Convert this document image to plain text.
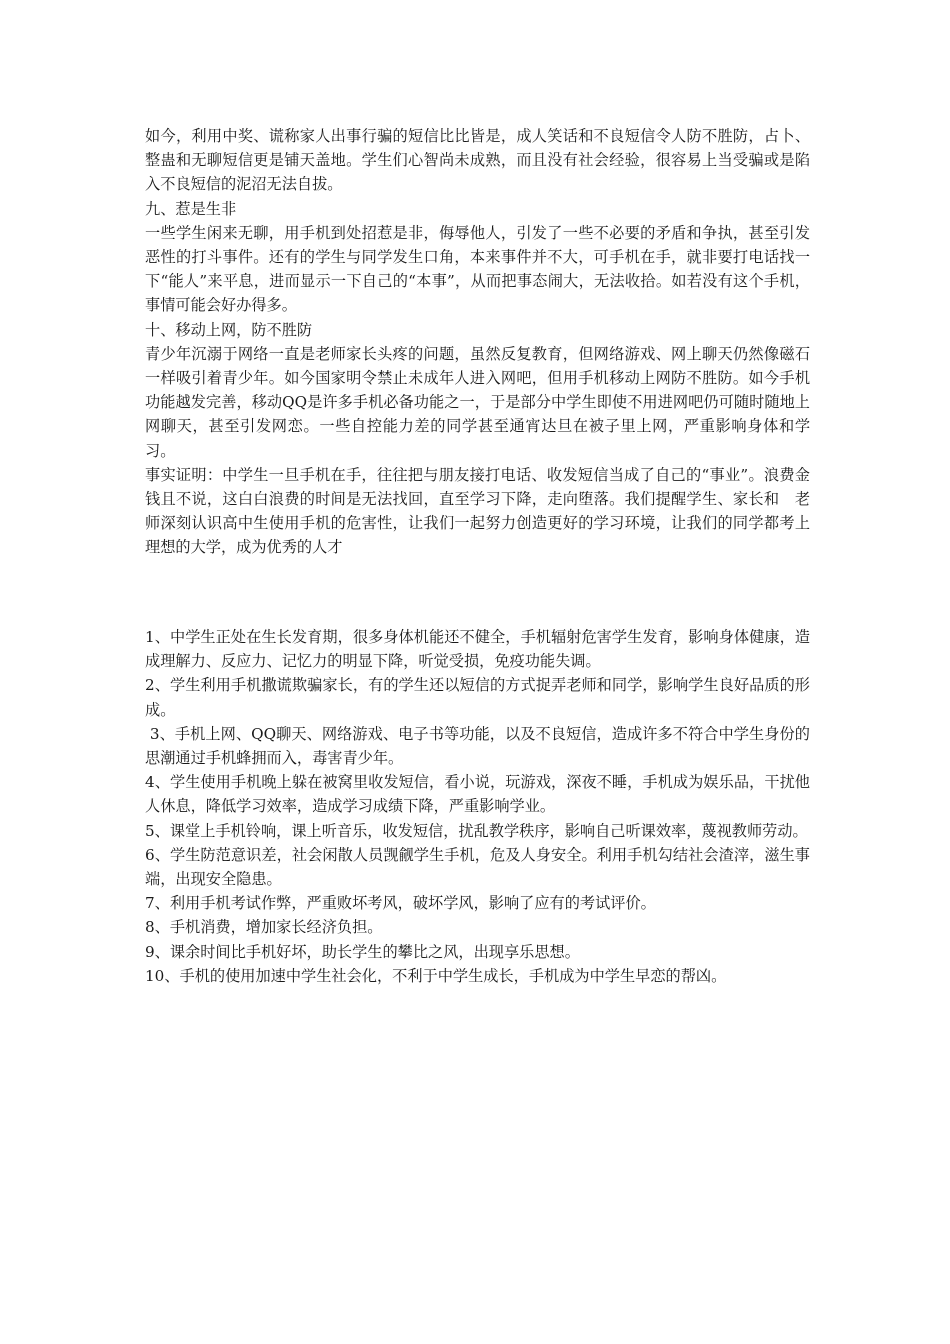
如今，利用中奖、谎称家人出事行骗的短信比比皆是，成人笑话和不良短信令人防不胜防，占卜、整蛊和无聊短信更是铺天盖地。学生们心智尚未成熟，而且没有社会经验，很容易上当受骗或是陷入不良短信的泥沼无法自拔。

九、惹是生非

一些学生闲来无聊，用手机到处招惹是非，侮辱他人，引发了一些不必要的矛盾和争执，甚至引发恶性的打斗事件。还有的学生与同学发生口角，本来事件并不大，可手机在手，就非要打电话找一下“能人”来平息，进而显示一下自己的“本事”，从而把事态闹大，无法收拾。如若没有这个手机，事情可能会好办得多。

十、移动上网，防不胜防

青少年沉溺于网络一直是老师家长头疼的问题，虽然反复教育，但网络游戏、网上聊天仍然像磁石一样吸引着青少年。如今国家明令禁止未成年人进入网吧，但用手机移动上网防不胜防。如今手机功能越发完善，移动QQ是许多手机必备功能之一，于是部分中学生即使不用进网吧仍可随时随地上网聊天，甚至引发网恋。一些自控能力差的同学甚至通宵达旦在被子里上网，严重影响身体和学习。

事实证明：中学生一旦手机在手，往往把与朋友接打电话、收发短信当成了自己的“事业”。浪费金钱且不说，这白白浪费的时间是无法找回，直至学习下降，走向堕落。我们提醒学生、家长和　老师深刻认识高中生使用手机的危害性，让我们一起努力创造更好的学习环境，让我们的同学都考上理想的大学，成为优秀的人才

1、中学生正处在生长发育期，很多身体机能还不健全，手机辐射危害学生发育，影响身体健康，造成理解力、反应力、记忆力的明显下降，听觉受损，免疫功能失调。

2、学生利用手机撒谎欺骗家长，有的学生还以短信的方式捉弄老师和同学，影响学生良好品质的形成。

3、手机上网、QQ聊天、网络游戏、电子书等功能，以及不良短信，造成许多不符合中学生身份的思潮通过手机蜂拥而入，毒害青少年。

4、学生使用手机晚上躲在被窝里收发短信，看小说，玩游戏，深夜不睡，手机成为娱乐品，干扰他人休息，降低学习效率，造成学习成绩下降，严重影响学业。

5、课堂上手机铃响，课上听音乐，收发短信，扰乱教学秩序，影响自己听课效率，蔑视教师劳动。

6、学生防范意识差，社会闲散人员觊觎学生手机，危及人身安全。利用手机勾结社会渣滓，滋生事端，出现安全隐患。

7、利用手机考试作弊，严重败坏考风，破坏学风，影响了应有的考试评价。

8、手机消费，增加家长经济负担。

9、课余时间比手机好坏，助长学生的攀比之风，出现享乐思想。

10、手机的使用加速中学生社会化，不利于中学生成长，手机成为中学生早恋的帮凶。
